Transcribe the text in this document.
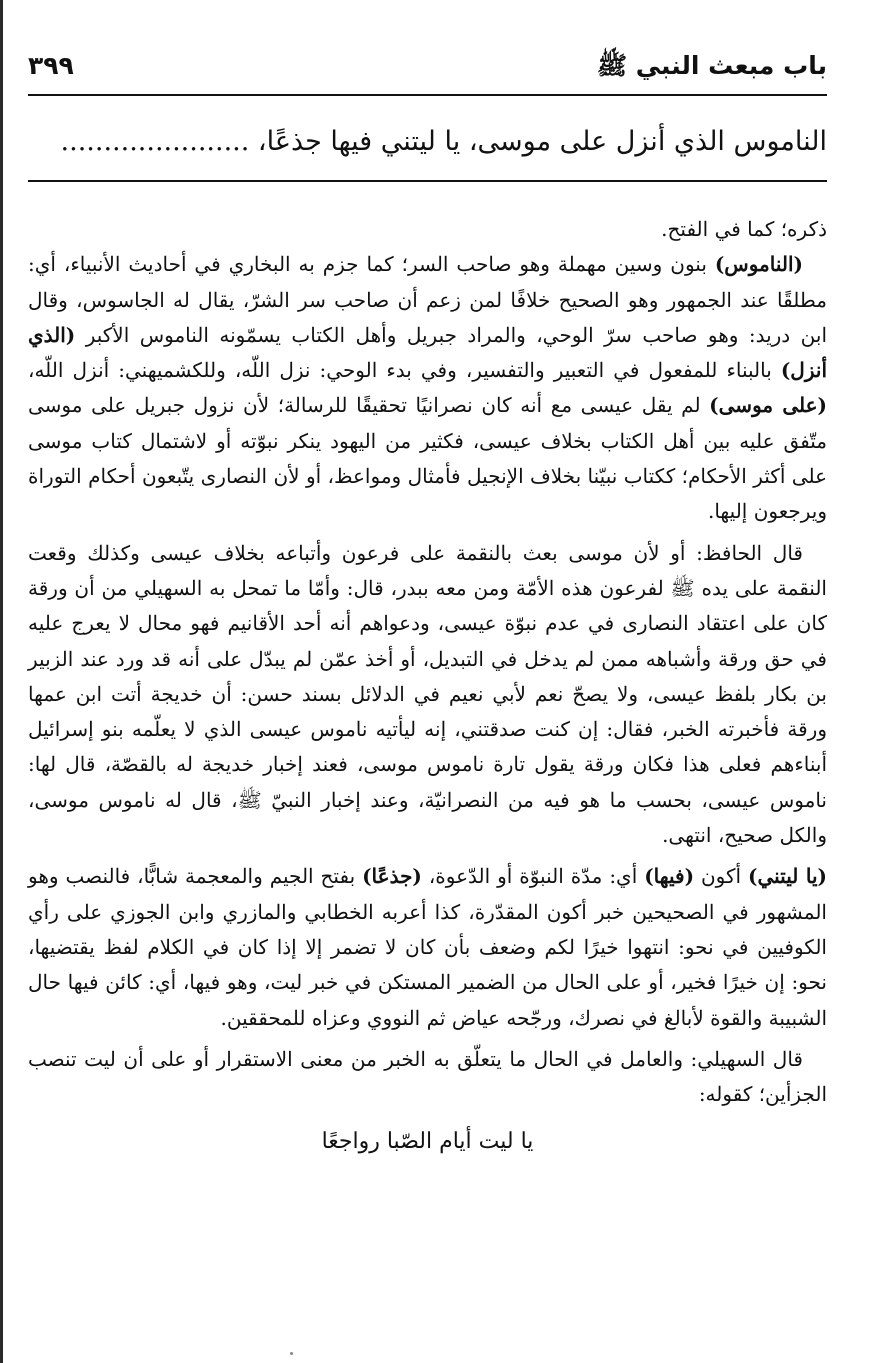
باب مبعث النبي ﷺ
٣٩٩
الناموس الذي أنزل على موسى، يا ليتني فيها جذعًا، ......................

ذكره؛ كما في الفتح.

(الناموس) بنون وسين مهملة وهو صاحب السر؛ كما جزم به البخاري في أحاديث الأنبياء، أي: مطلقًا عند الجمهور وهو الصحيح خلافًا لمن زعم أن صاحب سر الشرّ، يقال له الجاسوس، وقال ابن دريد: وهو صاحب سرّ الوحي، والمراد جبريل وأهل الكتاب يسمّونه الناموس الأكبر (الذي أنزل) بالبناء للمفعول في التعبير والتفسير، وفي بدء الوحي: نزل اللّه، وللكشميهني: أنزل اللّه، (على موسى) لم يقل عيسى مع أنه كان نصرانيًا تحقيقًا للرسالة؛ لأن نزول جبريل على موسى متّفق عليه بين أهل الكتاب بخلاف عيسى، فكثير من اليهود ينكر نبوّته أو لاشتمال كتاب موسى على أكثر الأحكام؛ ككتاب نبيّنا بخلاف الإنجيل فأمثال ومواعظ، أو لأن النصارى يتّبعون أحكام التوراة ويرجعون إليها.

قال الحافظ: أو لأن موسى بعث بالنقمة على فرعون وأتباعه بخلاف عيسى وكذلك وقعت النقمة على يده ﷺ لفرعون هذه الأمّة ومن معه ببدر، قال: وأمّا ما تمحل به السهيلي من أن ورقة كان على اعتقاد النصارى في عدم نبوّة عيسى، ودعواهم أنه أحد الأقانيم فهو محال لا يعرج عليه في حق ورقة وأشباهه ممن لم يدخل في التبديل، أو أخذ عمّن لم يبدّل على أنه قد ورد عند الزبير بن بكار بلفظ عيسى، ولا يصحّ نعم لأبي نعيم في الدلائل بسند حسن: أن خديجة أتت ابن عمها ورقة فأخبرته الخبر، فقال: إن كنت صدقتني، إنه ليأتيه ناموس عيسى الذي لا يعلّمه بنو إسرائيل أبناءهم فعلى هذا فكان ورقة يقول تارة ناموس موسى، فعند إخبار خديجة له بالقصّة، قال لها: ناموس عيسى، بحسب ما هو فيه من النصرانيّة، وعند إخبار النبيّ ﷺ، قال له ناموس موسى، والكل صحيح، انتهى.

(يا ليتني) أكون (فيها) أي: مدّة النبوّة أو الدّعوة، (جذعًا) بفتح الجيم والمعجمة شابًّا، فالنصب وهو المشهور في الصحيحين خبر أكون المقدّرة، كذا أعربه الخطابي والمازري وابن الجوزي على رأي الكوفيين في نحو: انتهوا خيرًا لكم وضعف بأن كان لا تضمر إلا إذا كان في الكلام لفظ يقتضيها، نحو: إن خيرًا فخير، أو على الحال من الضمير المستكن في خبر ليت، وهو فيها، أي: كائن فيها حال الشبيبة والقوة لأبالغ في نصرك، ورجّحه عياض ثم النووي وعزاه للمحققين.

قال السهيلي: والعامل في الحال ما يتعلّق به الخبر من معنى الاستقرار أو على أن ليت تنصب الجزأين؛ كقوله:

يا ليت أيام الصّبا رواجعًا
